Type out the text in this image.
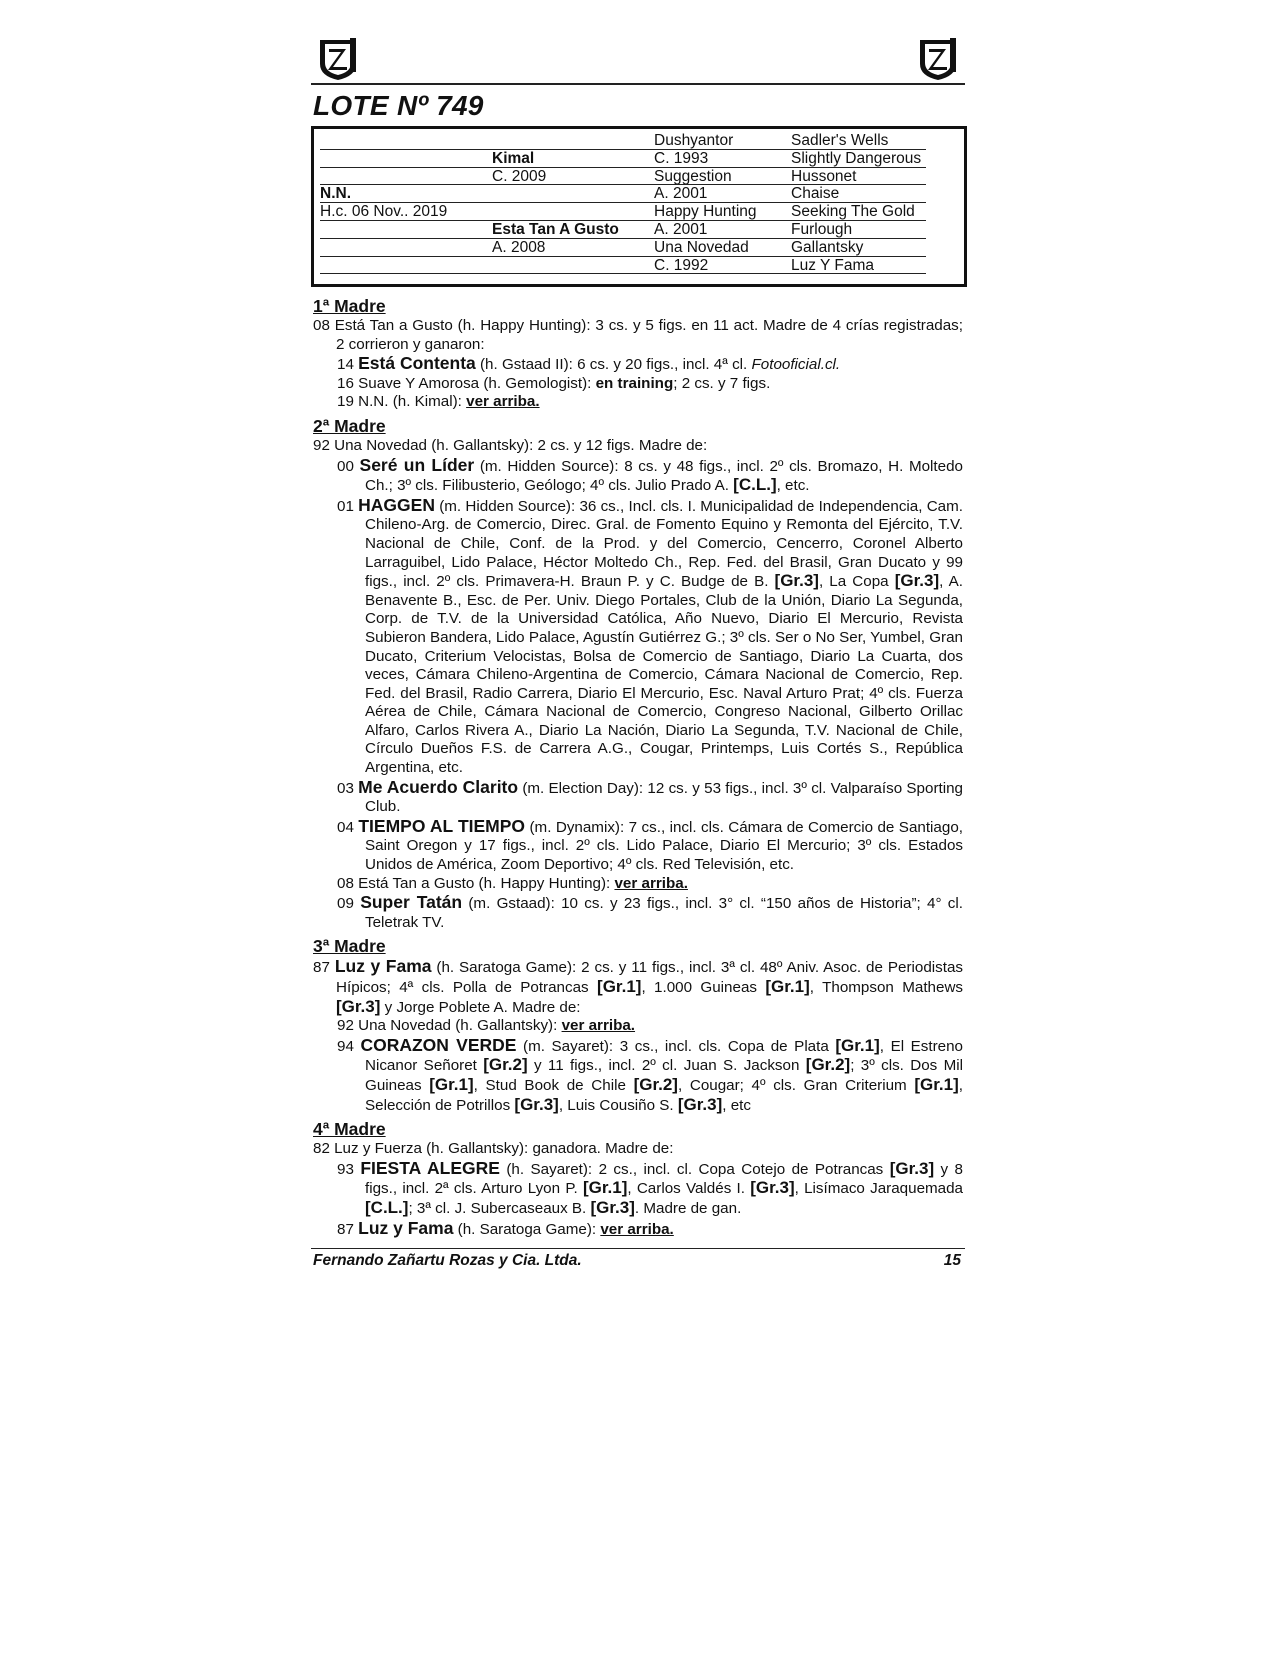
LOTE Nº 749
N.N.
H.c. 06 Nov.. 2019
Kimal
C. 2009
Esta Tan A Gusto
A. 2008
Dushyantor
C. 1993
Suggestion
A. 2001
Happy Hunting
A. 2001
Una Novedad
C. 1992
Sadler's Wells
Slightly Dangerous
Hussonet
Chaise
Seeking The Gold
Furlough
Gallantsky
Luz Y Fama
1ª Madre
08 Está Tan a Gusto (h. Happy Hunting): 3 cs. y 5 figs. en 11 act. Madre de 4 crías registradas; 2 corrieron y ganaron:
14 Está Contenta (h. Gstaad II): 6 cs. y 20 figs., incl. 4ª cl. Fotooficial.cl.
16 Suave Y Amorosa (h. Gemologist): en training; 2 cs. y 7 figs.
19 N.N. (h. Kimal): ver arriba.
2ª Madre
92 Una Novedad (h. Gallantsky): 2 cs. y 12 figs. Madre de:
00 Seré un Líder (m. Hidden Source): 8 cs. y 48 figs., incl. 2º cls. Bromazo, H. Moltedo Ch.; 3º cls. Filibusterio, Geólogo; 4º cls. Julio Prado A. [C.L.], etc.
01 HAGGEN (m. Hidden Source): 36 cs., Incl. cls. I. Municipalidad de Independencia, Cam. Chileno-Arg. de Comercio, Direc. Gral. de Fomento Equino y Remonta del Ejército, T.V. Nacional de Chile, Conf. de la Prod. y del Comercio, Cencerro, Coronel Alberto Larraguibel, Lido Palace, Héctor Moltedo Ch., Rep. Fed. del Brasil, Gran Ducato y 99 figs., incl. 2º cls. Primavera-H. Braun P. y C. Budge de B. [Gr.3], La Copa [Gr.3], A. Benavente B., Esc. de Per. Univ. Diego Portales, Club de la Unión, Diario La Segunda, Corp. de T.V. de la Universidad Católica, Año Nuevo, Diario El Mercurio, Revista Subieron Bandera, Lido Palace, Agustín Gutiérrez G.; 3º cls. Ser o No Ser, Yumbel, Gran Ducato, Criterium Velocistas, Bolsa de Comercio de Santiago, Diario La Cuarta, dos veces, Cámara Chileno-Argentina de Comercio, Cámara Nacional de Comercio, Rep. Fed. del Brasil, Radio Carrera, Diario El Mercurio, Esc. Naval Arturo Prat; 4º cls. Fuerza Aérea de Chile, Cámara Nacional de Comercio, Congreso Nacional, Gilberto Orillac Alfaro, Carlos Rivera A., Diario La Nación, Diario La Segunda, T.V. Nacional de Chile, Círculo Dueños F.S. de Carrera A.G., Cougar, Printemps, Luis Cortés S., República Argentina, etc.
03 Me Acuerdo Clarito (m. Election Day): 12 cs. y 53 figs., incl. 3º cl. Valparaíso Sporting Club.
04 TIEMPO AL TIEMPO (m. Dynamix): 7 cs., incl. cls. Cámara de Comercio de Santiago, Saint Oregon y 17 figs., incl. 2º cls. Lido Palace, Diario El Mercurio; 3º cls. Estados Unidos de América, Zoom Deportivo; 4º cls. Red Televisión, etc.
08 Está Tan a Gusto (h. Happy Hunting): ver arriba.
09 Super Tatán (m. Gstaad): 10 cs. y 23 figs., incl. 3° cl. “150 años de Historia”; 4° cl. Teletrak TV.
3ª Madre
87 Luz y Fama (h. Saratoga Game): 2 cs. y 11 figs., incl. 3ª cl. 48º Aniv. Asoc. de Periodistas Hípicos; 4ª cls. Polla de Potrancas [Gr.1], 1.000 Guineas [Gr.1], Thompson Mathews [Gr.3] y Jorge Poblete A. Madre de:
92 Una Novedad (h. Gallantsky): ver arriba.
94 CORAZON VERDE (m. Sayaret): 3 cs., incl. cls. Copa de Plata [Gr.1], El Estreno Nicanor Señoret [Gr.2] y 11 figs., incl. 2º cl. Juan S. Jackson [Gr.2]; 3º cls. Dos Mil Guineas [Gr.1], Stud Book de Chile [Gr.2], Cougar; 4º cls. Gran Criterium [Gr.1], Selección de Potrillos [Gr.3], Luis Cousiño S. [Gr.3], etc
4ª Madre
82 Luz y Fuerza (h. Gallantsky): ganadora. Madre de:
93 FIESTA ALEGRE (h. Sayaret): 2 cs., incl. cl. Copa Cotejo de Potrancas [Gr.3] y 8 figs., incl. 2ª cls. Arturo Lyon P. [Gr.1], Carlos Valdés I. [Gr.3], Lisímaco Jaraquemada [C.L.]; 3ª cl. J. Subercaseaux B. [Gr.3]. Madre de gan.
87 Luz y Fama (h. Saratoga Game): ver arriba.
Fernando Zañartu Rozas y Cia. Ltda.	15
